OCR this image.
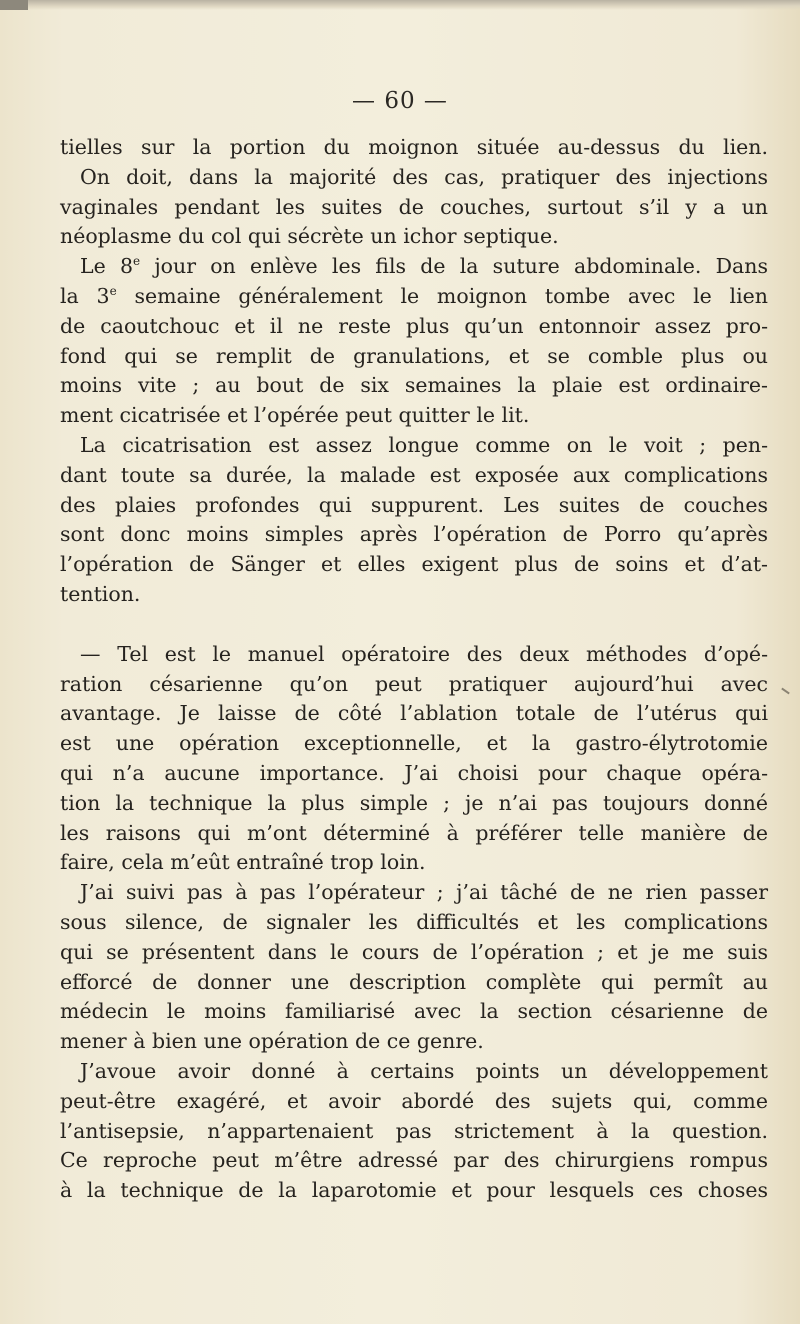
— 60 —
tielles sur la portion du moignon située au-dessus du lien.
On doit, dans la majorité des cas, pratiquer des injections
vaginales pendant les suites de couches, surtout s’il y a un
néoplasme du col qui sécrète un ichor septique.
Le 8e jour on enlève les fils de la suture abdominale. Dans
la 3e semaine généralement le moignon tombe avec le lien
de caoutchouc et il ne reste plus qu’un entonnoir assez pro-
fond qui se remplit de granulations, et se comble plus ou
moins vite ; au bout de six semaines la plaie est ordinaire-
ment cicatrisée et l’opérée peut quitter le lit.
La cicatrisation est assez longue comme on le voit ; pen-
dant toute sa durée, la malade est exposée aux complications
des plaies profondes qui suppurent. Les suites de couches
sont donc moins simples après l’opération de Porro qu’après
l’opération de Sänger et elles exigent plus de soins et d’at-
tention.
— Tel est le manuel opératoire des deux méthodes d’opé-
ration césarienne qu’on peut pratiquer aujourd’hui avec
avantage. Je laisse de côté l’ablation totale de l’utérus qui
est une opération exceptionnelle, et la gastro-élytrotomie
qui n’a aucune importance. J’ai choisi pour chaque opéra-
tion la technique la plus simple ; je n’ai pas toujours donné
les raisons qui m’ont déterminé à préférer telle manière de
faire, cela m’eût entraîné trop loin.
J’ai suivi pas à pas l’opérateur ; j’ai tâché de ne rien passer
sous silence, de signaler les difficultés et les complications
qui se présentent dans le cours de l’opération ; et je me suis
efforcé de donner une description complète qui permît au
médecin le moins familiarisé avec la section césarienne de
mener à bien une opération de ce genre.
J’avoue avoir donné à certains points un développement
peut-être exagéré, et avoir abordé des sujets qui, comme
l’antisepsie, n’appartenaient pas strictement à la question.
Ce reproche peut m’être adressé par des chirurgiens rompus
à la technique de la laparotomie et pour lesquels ces choses
